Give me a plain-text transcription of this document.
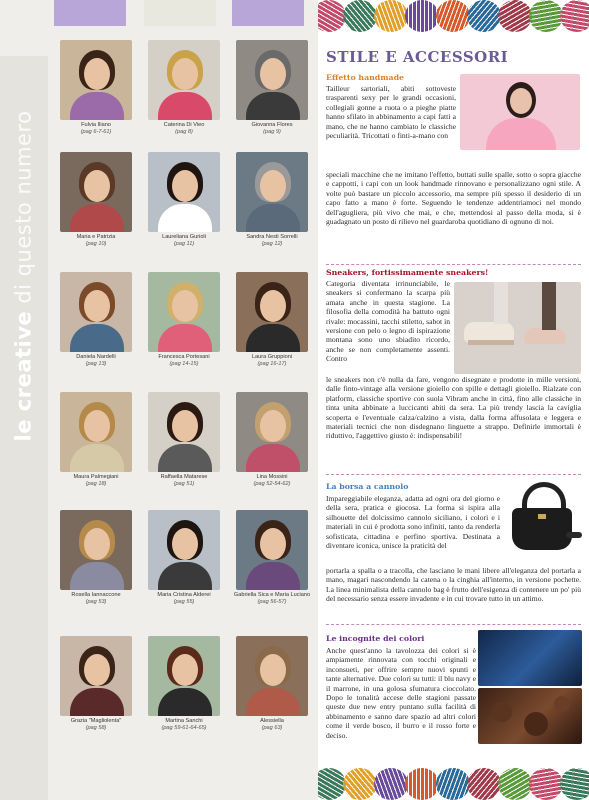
le creative di questo numero	Fulvia Iliano
(pag 6-7-61)
Caterina Di Vieo
(pag 8)
Giovanna Flores
(pag 9)
Maria e Patrizia
(pag 10)
Laureliana Gurioli
(pag 11)
Sandra Nesti Sorrelli
(pag 12)
Daniela Nardelli
(pag 13)
Francesca Portesani
(pag 14-15)
Laura Gruppioni
(pag 16-17)
Maura Palmegiani
(pag 18)
Raffaella Matarese
(pag 51)
Lina Mossini
(pag 52-54-62)
Rosella Iannaccone
(pag 53)
Maria Cristina Alderei
(pag 55)
Gabriella Sica e Maria Luciano
(pag 56-57)
Grazia "Magliolenta"
(pag 58)
Martina Sanchi
(pag 59-61-64-65)
Alessiella
(pag 63)
STILE E ACCESSORI
Effetto handmade
Tailleur sartoriali, abiti sottoveste trasparenti sexy per le grandi occasioni, collegiali gonne a ruota o a pieghe piatte hanno sfilato in abbinamento a capi fatti a mano, che ne hanno cambiato le classiche peculiarità. Tricottati o finti-a-mano con
speciali macchine che ne imitano l'effetto, buttati sulle spalle, sotto o sopra giacche e cappotti, i capi con un look handmade rinnovano e personalizzano ogni stile. A volte può bastare un piccolo accessorio, ma sempre più spesso il desiderio di un capo fatto a mano è forte. Seguendo le tendenze addentriamoci nel mondo dell'agugliera, più vivo che mai, e che, mettendosi al passo della moda, si è guadagnato un posto di rilievo nel guardaroba quotidiano di ognuno di noi.
Sneakers, fortissimamente sneakers!
Categoria diventata irrinunciabile, le sneakers si confermano la scarpa più amata anche in questa stagione. La filosofia della comodità ha battuto ogni rivale: mocassini, tacchi stiletto, sabot in versione con pelo o legno di ispirazione montana sono uno sbiadito ricordo, anche se non completamente assenti. Contro
le sneakers non c'è nulla da fare, vengono disegnate e prodotte in mille versioni, dalle finto-vintage alla versione gioiello con spille e dettagli gioiello. Rialzate con platform, classiche sportive con suola Vibram anche in città, fino alle classiche in tinta unita abbinate a luccicanti abiti da sera. La più trendy lascia la caviglia scoperta e l'eventuale calza/calzino a vista, dalla forma affusolata e leggera e materiali tecnici che non disdegnano linguette a strappo. Definirle immortali è riduttivo, l'aggettivo giusto è: indispensabili!
La borsa a cannolo
Impareggiabile eleganza, adatta ad ogni ora del giorno e della sera, pratica e giocosa. La forma si ispira alla silhouette del dolcissimo cannolo siciliano, i colori e i materiali in cui è prodotta sono infiniti, tanto da renderla sofisticata, cittadina e perfino sportiva. Destinata a diventare iconica, unisce la praticità del
portarla a spalla o a tracolla, che lasciano le mani libere all'eleganza del portarla a mano, magari nascondendo la catena o la cinghia all'interno, in versione pochette. La linea minimalista della cannolo bag è frutto dell'esigenza di contenere un po' più del necessario senza essere invadente e in cui trovare tutto in un attimo.
Le incognite dei colori
Anche quest'anno la tavolozza dei colori si è ampiamente rinnovata con tocchi originali e inconsueti, per offrire sempre nuovi spunti e tante alternative. Due colori su tutti: il blu navy e il marrone, in una golosa sfumatura cioccolato. Dopo le tonalità accese delle stagioni passate queste due new entry puntano sulla facilità di abbinamento e sanno dare spazio ad altri colori come il verde bosco, il burro e il rosso forte e deciso.
